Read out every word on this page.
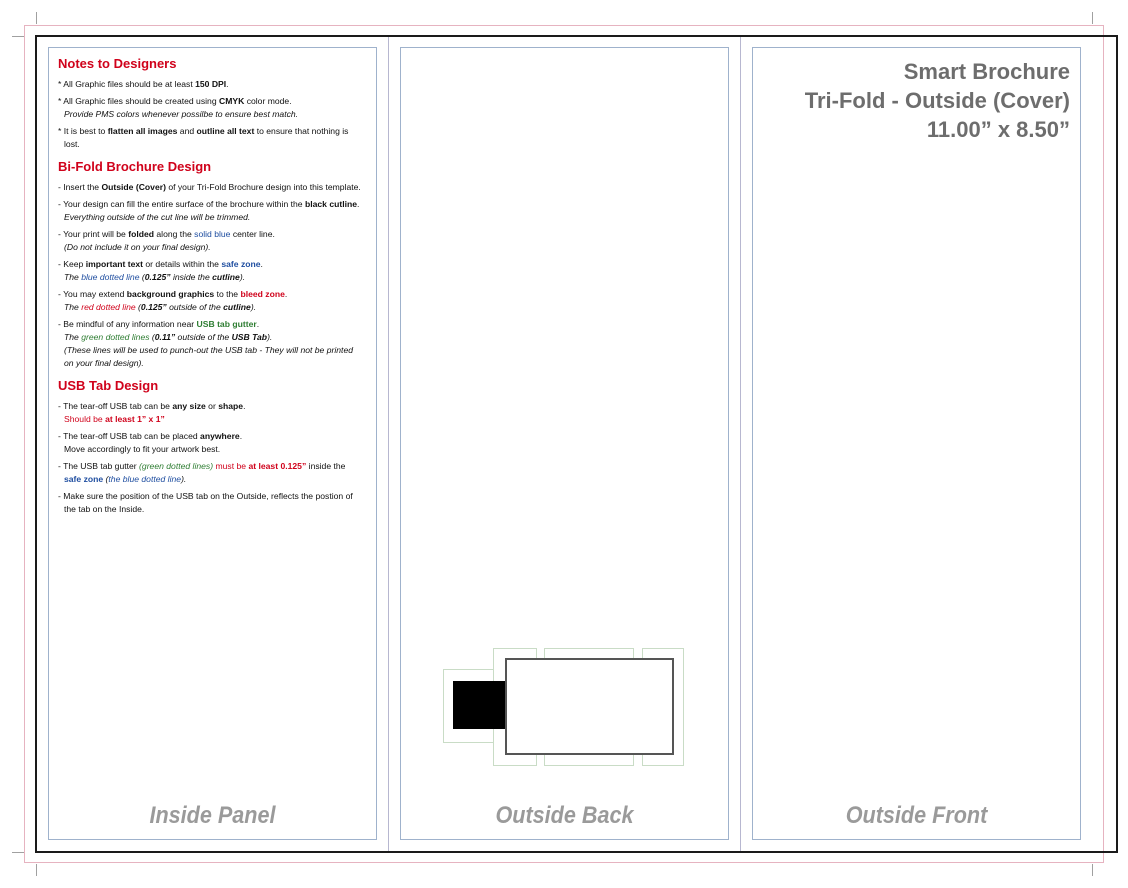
Notes to Designers

* All Graphic files should be at least 150 DPI.

* All Graphic files should be created using CMYK color mode.
Provide PMS colors whenever possilbe to ensure best match.

* It is best to flatten all images and outline all text to ensure that nothing is lost.

Bi-Fold Brochure Design

- Insert the Outside (Cover) of your Tri-Fold Brochure design into this template.

- Your design can fill the entire surface of the brochure within the black cutline. Everything outside of the cut line will be trimmed.

- Your print will be folded along the solid blue center line.
(Do not include it on your final design).

- Keep important text or details within the safe zone.
The blue dotted line (0.125” inside the cutline).

- You may extend background graphics to the bleed zone.
The red dotted line (0.125” outside of the cutline).

- Be mindful of any information near USB tab gutter.
The green dotted lines (0.11” outside of the USB Tab).
(These lines will be used to punch-out the USB tab - They will not be printed on your final design).

USB Tab Design

- The tear-off USB tab can be any size or shape.
Should be at least 1” x 1”

- The tear-off USB tab can be placed anywhere.
Move accordingly to fit your artwork best.

- The USB tab gutter (green dotted lines) must be at least 0.125” inside the safe zone (the blue dotted line).

- Make sure the position of the USB tab on the Outside, reflects the postion of the tab on the Inside.

Smart Brochure
Tri-Fold - Outside (Cover)
11.00” x 8.50”
Inside Panel	Outside Back	Outside Front
